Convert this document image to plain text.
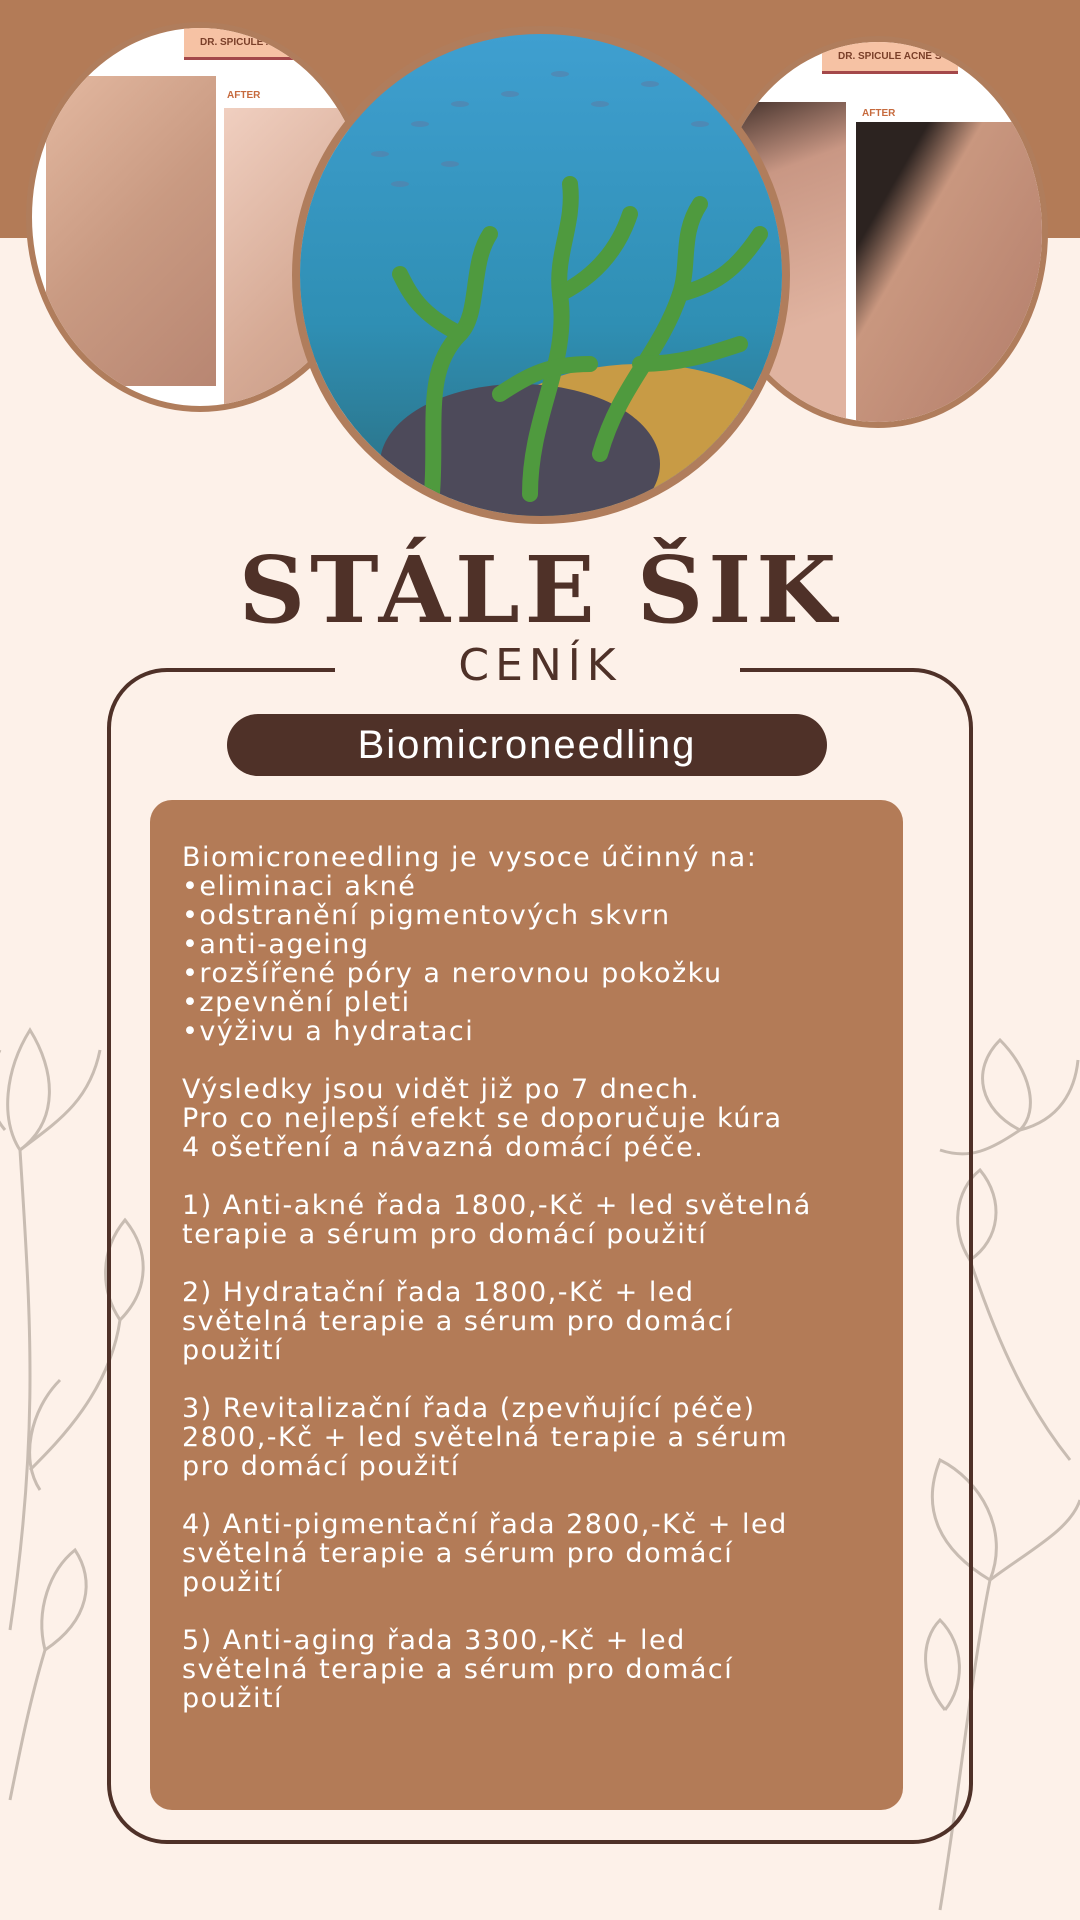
DR. SPICULE ANTI
AFTER
DR. SPICULE ACNE S
AFTER
STÁLE ŠIK
CENÍK
Biomicroneedling

Biomicroneedling je vysoce účinný na:

•eliminaci akné

•odstranění pigmentových skvrn

•anti-ageing

•rozšířené póry a nerovnou pokožku

•zpevnění pleti

•výživu a hydrataci

Výsledky jsou vidět již po 7 dnech.

Pro co nejlepší efekt se doporučuje kúra

4 ošetření a návazná domácí péče.

1) Anti-akné řada 1800,-Kč + led světelná

terapie a sérum pro domácí použití

2) Hydratační řada 1800,-Kč + led

světelná terapie a sérum pro domácí

použití

3) Revitalizační řada (zpevňující péče)

2800,-Kč + led světelná terapie a sérum

pro domácí použití

4) Anti-pigmentační řada 2800,-Kč + led

světelná terapie a sérum pro domácí

použití

5) Anti-aging řada 3300,-Kč + led

světelná terapie a sérum pro domácí

použití
